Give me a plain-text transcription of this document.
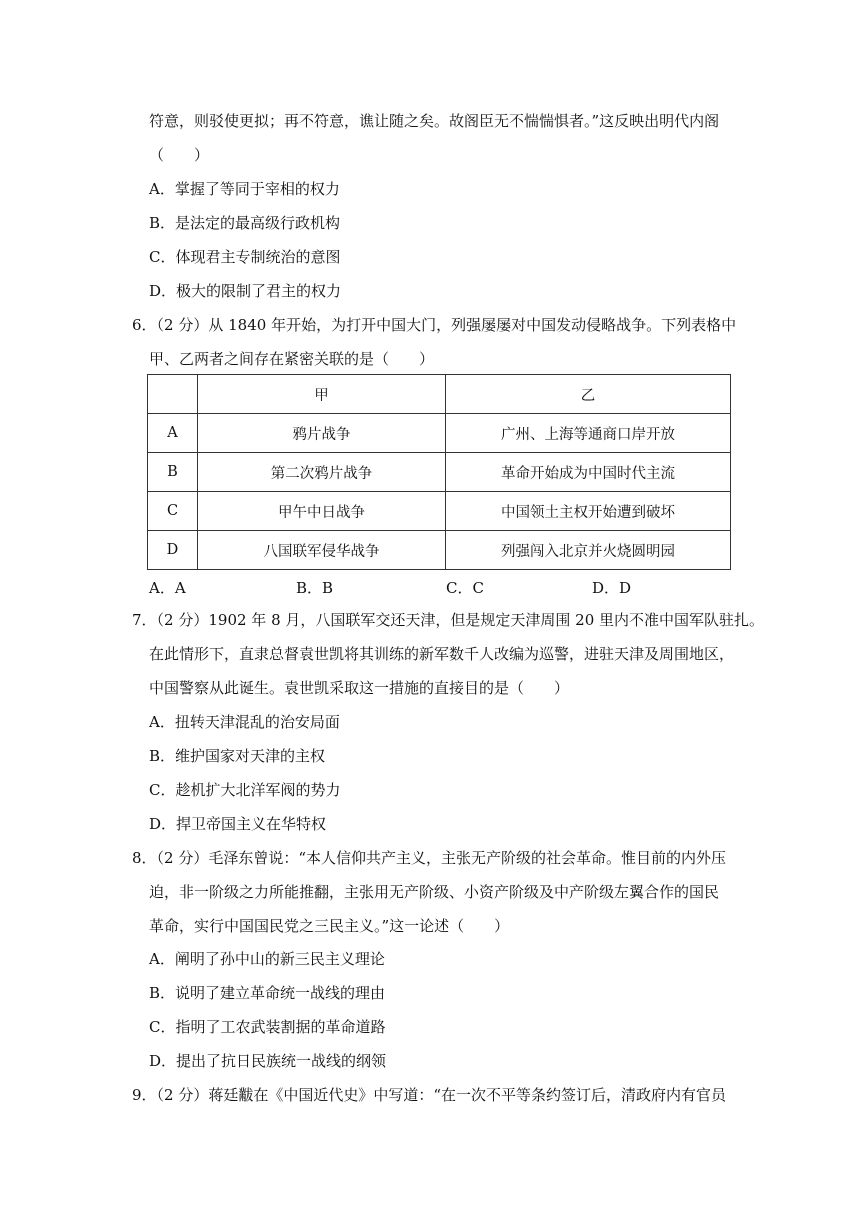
符意，则驳使更拟；再不符意，谯让随之矣。故阁臣无不惴惴惧者。”这反映出明代内阁
（　　）
A．掌握了等同于宰相的权力
B．是法定的最高级行政机构
C．体现君主专制统治的意图
D．极大的限制了君主的权力
6．（2 分）从 1840 年开始，为打开中国大门，列强屡屡对中国发动侵略战争。下列表格中
甲、乙两者之间存在紧密关联的是（　　）
	甲	乙
A	鸦片战争	广州、上海等通商口岸开放
B	第二次鸦片战争	革命开始成为中国时代主流
C	甲午中日战争	中国领土主权开始遭到破坏
D	八国联军侵华战争	列强闯入北京并火烧圆明园
A．A	B．B	C．C	D．D
7．（2 分）1902 年 8 月，八国联军交还天津，但是规定天津周围 20 里内不准中国军队驻扎。
在此情形下，直隶总督袁世凯将其训练的新军数千人改编为巡警，进驻天津及周围地区，
中国警察从此诞生。袁世凯采取这一措施的直接目的是（　　）
A．扭转天津混乱的治安局面
B．维护国家对天津的主权
C．趁机扩大北洋军阀的势力
D．捍卫帝国主义在华特权
8．（2 分）毛泽东曾说：“本人信仰共产主义，主张无产阶级的社会革命。惟目前的内外压
迫，非一阶级之力所能推翻，主张用无产阶级、小资产阶级及中产阶级左翼合作的国民
革命，实行中国国民党之三民主义。”这一论述（　　）
A．阐明了孙中山的新三民主义理论
B．说明了建立革命统一战线的理由
C．指明了工农武装割据的革命道路
D．提出了抗日民族统一战线的纲领
9．（2 分）蒋廷黻在《中国近代史》中写道：“在一次不平等条约签订后，清政府内有官员
